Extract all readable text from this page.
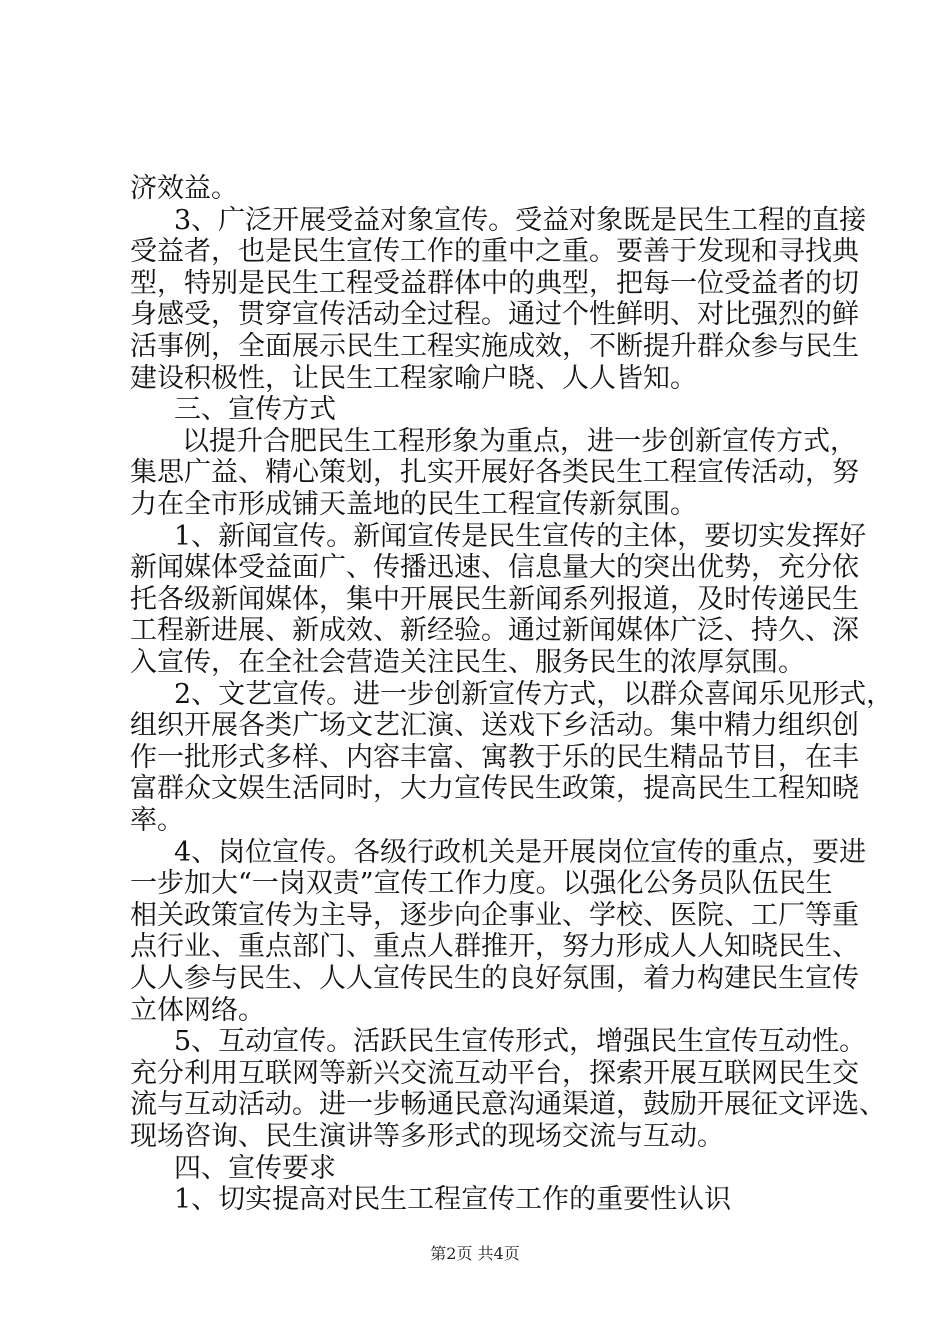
济效益。
3、广泛开展受益对象宣传。受益对象既是民生工程的直接
受益者，也是民生宣传工作的重中之重。要善于发现和寻找典
型，特别是民生工程受益群体中的典型，把每一位受益者的切
身感受，贯穿宣传活动全过程。通过个性鲜明、对比强烈的鲜
活事例，全面展示民生工程实施成效，不断提升群众参与民生
建设积极性，让民生工程家喻户晓、人人皆知。
三、宣传方式
以提升合肥民生工程形象为重点，进一步创新宣传方式，
集思广益、精心策划，扎实开展好各类民生工程宣传活动，努
力在全市形成铺天盖地的民生工程宣传新氛围。
1、新闻宣传。新闻宣传是民生宣传的主体，要切实发挥好
新闻媒体受益面广、传播迅速、信息量大的突出优势，充分依
托各级新闻媒体，集中开展民生新闻系列报道，及时传递民生
工程新进展、新成效、新经验。通过新闻媒体广泛、持久、深
入宣传，在全社会营造关注民生、服务民生的浓厚氛围。
2、文艺宣传。进一步创新宣传方式，以群众喜闻乐见形式，
组织开展各类广场文艺汇演、送戏下乡活动。集中精力组织创
作一批形式多样、内容丰富、寓教于乐的民生精品节目，在丰
富群众文娱生活同时，大力宣传民生政策，提高民生工程知晓
率。
4、岗位宣传。各级行政机关是开展岗位宣传的重点，要进
一步加大“一岗双责”宣传工作力度。以强化公务员队伍民生
相关政策宣传为主导，逐步向企事业、学校、医院、工厂等重
点行业、重点部门、重点人群推开，努力形成人人知晓民生、
人人参与民生、人人宣传民生的良好氛围，着力构建民生宣传
立体网络。
5、互动宣传。活跃民生宣传形式，增强民生宣传互动性。
充分利用互联网等新兴交流互动平台，探索开展互联网民生交
流与互动活动。进一步畅通民意沟通渠道，鼓励开展征文评选、
现场咨询、民生演讲等多形式的现场交流与互动。
四、宣传要求
1、切实提高对民生工程宣传工作的重要性认识
第2页 共4页
